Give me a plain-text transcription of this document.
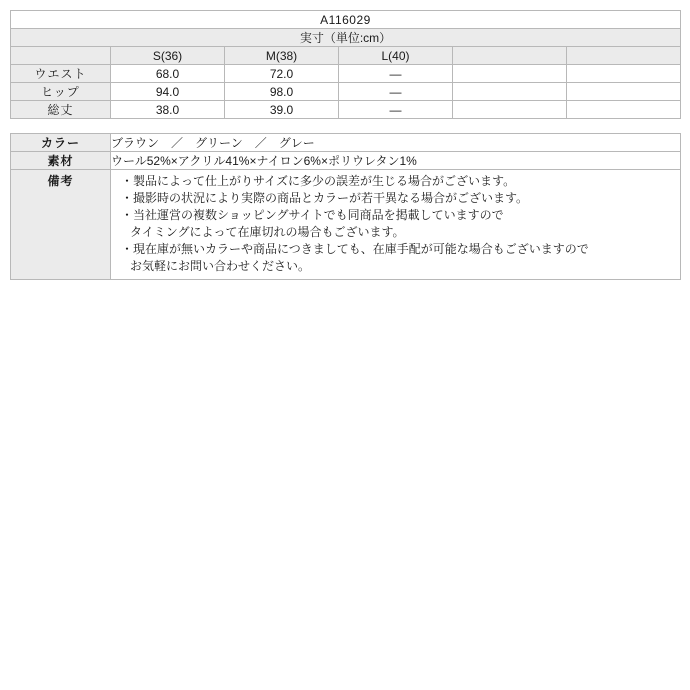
A116029					
実寸（単位:cm）					
	S(36)	M(38)	L(40)		
ウエスト	68.0	72.0	—		
ヒップ	94.0	98.0	—		
総丈	38.0	39.0	—		
カラー	ブラウン　／　グリーン　／　グレー
素材	ウール52%×アクリル41%×ナイロン6%×ポリウレタン1%
備考	・製品によって仕上がりサイズに多少の誤差が生じる場合がございます。
・撮影時の状況により実際の商品とカラーが若干異なる場合がございます。
・当社運営の複数ショッピングサイトでも同商品を掲載していますので
タイミングによって在庫切れの場合もございます。
・現在庫が無いカラーや商品につきましても、在庫手配が可能な場合もございますので
お気軽にお問い合わせください。
